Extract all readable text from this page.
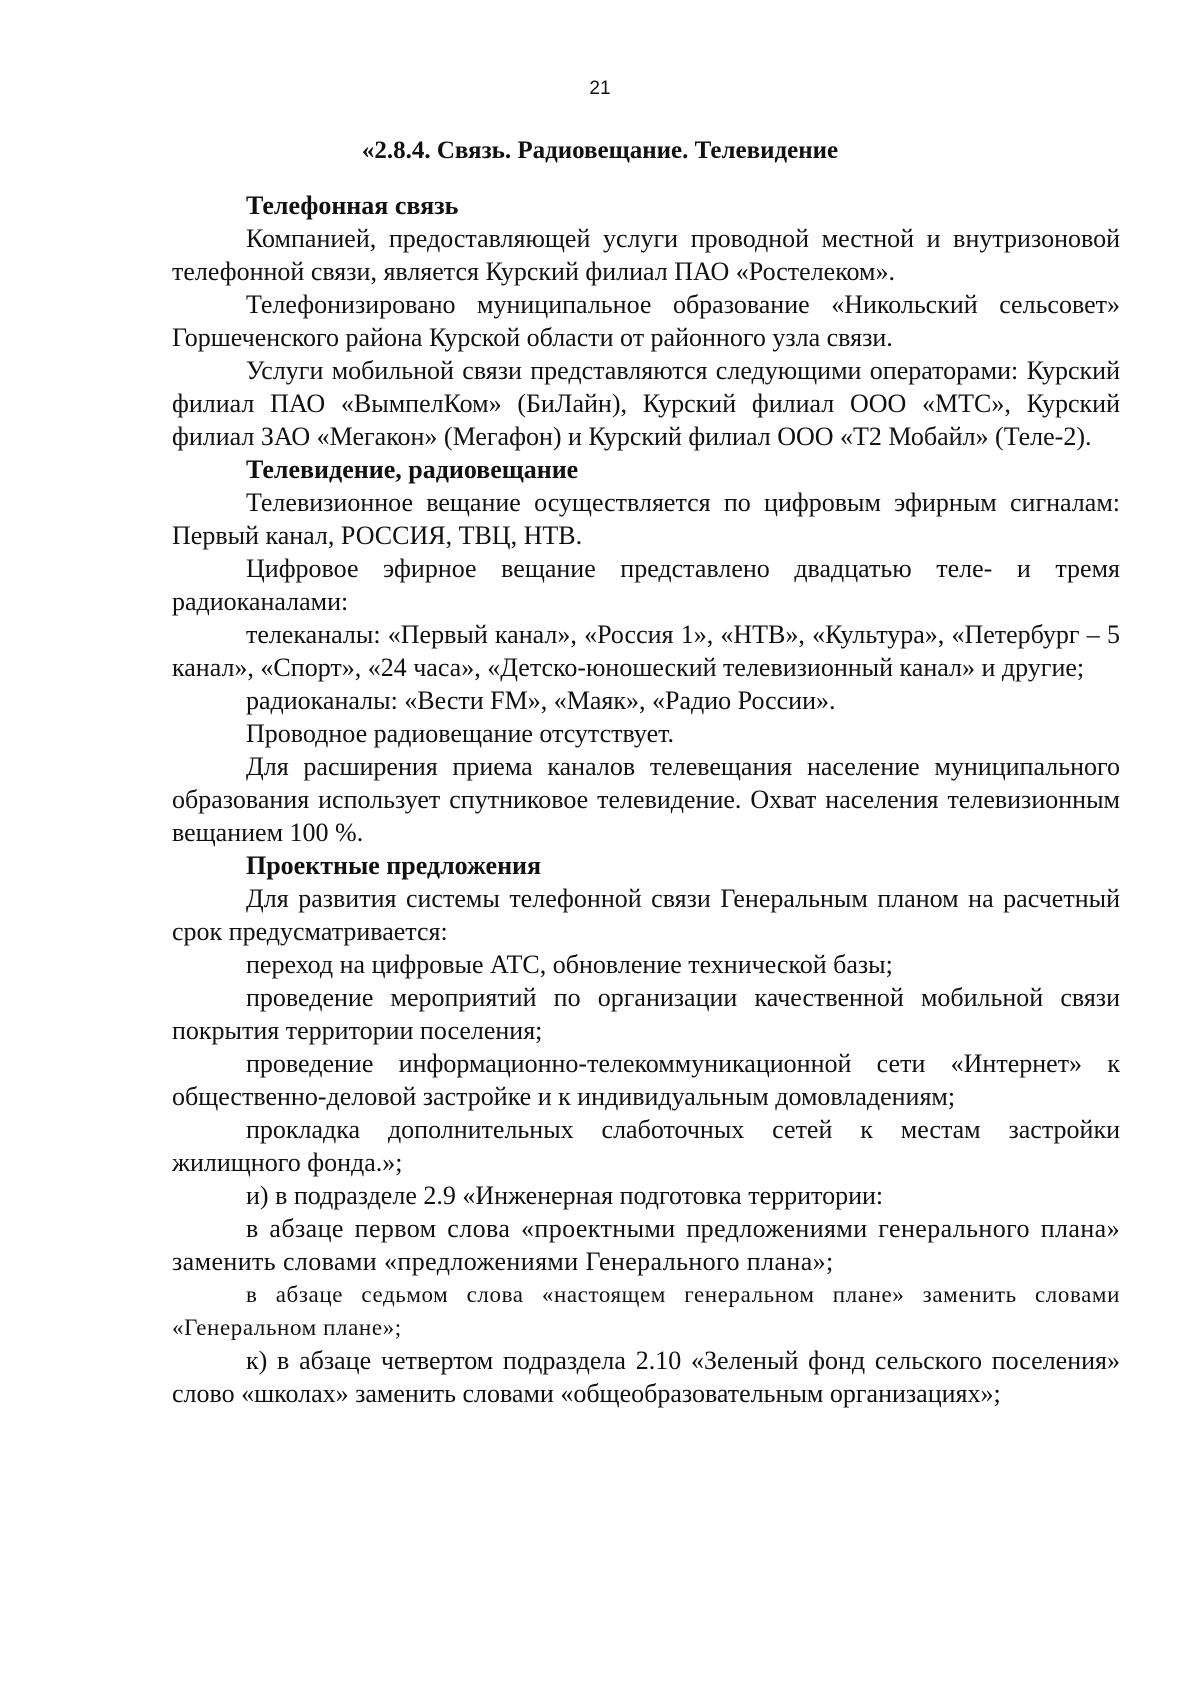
21
«2.8.4. Связь. Радиовещание. Телевидение

Телефонная связь

Компанией, предоставляющей услуги проводной местной и внутризоновой телефонной связи, является Курский филиал ПАО «Ростелеком».

Телефонизировано муниципальное образование «Никольский сельсовет» Горшеченского района Курской области от районного узла связи.

Услуги мобильной связи представляются следующими операторами: Курский филиал ПАО «ВымпелКом» (БиЛайн), Курский филиал ООО «МТС», Курский филиал ЗАО «Мегакон» (Мегафон) и Курский филиал ООО «Т2 Мобайл» (Теле-2).

Телевидение, радиовещание

Телевизионное вещание осуществляется по цифровым эфирным сигналам: Первый канал, РОССИЯ, ТВЦ, НТВ.

Цифровое эфирное вещание представлено двадцатью теле- и тремя радиоканалами:

телеканалы: «Первый канал», «Россия 1», «НТВ», «Культура», «Петербург – 5 канал», «Спорт», «24 часа», «Детско-юношеский телевизионный канал» и другие;

радиоканалы: «Вести FM», «Маяк», «Радио России».

Проводное радиовещание отсутствует.

Для расширения приема каналов телевещания население муниципального образования использует спутниковое телевидение. Охват населения телевизионным вещанием 100 %.

Проектные предложения

Для развития системы телефонной связи Генеральным планом на расчетный срок предусматривается:

переход на цифровые АТС, обновление технической базы;

проведение мероприятий по организации качественной мобильной связи покрытия территории поселения;

проведение информационно-телекоммуникационной сети «Интернет» к общественно-деловой застройке и к индивидуальным домовладениям;

прокладка дополнительных слаботочных сетей к местам застройки жилищного фонда.»;

и) в подразделе 2.9 «Инженерная подготовка территории:

в абзаце первом слова «проектными предложениями генерального плана» заменить словами «предложениями Генерального плана»;

в абзаце седьмом слова «настоящем генеральном плане» заменить словами «Генеральном плане»;

к) в абзаце четвертом подраздела 2.10 «Зеленый фонд сельского поселения» слово «школах» заменить словами «общеобразовательным организациях»;
